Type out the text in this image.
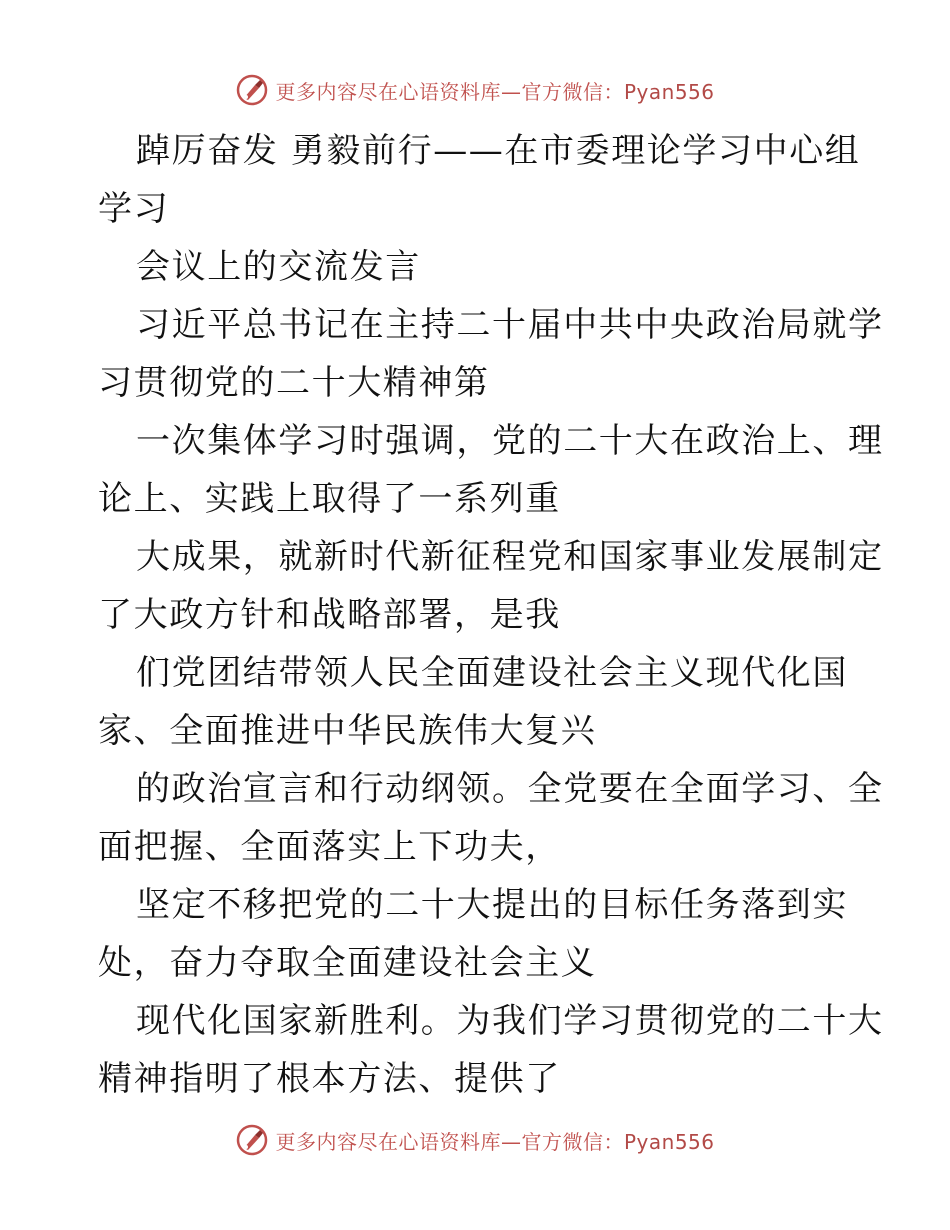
更多内容尽在心语资料库—官方微信：Pyan556
踔厉奋发 勇毅前行——在市委理论学习中心组
学习
会议上的交流发言
习近平总书记在主持二十届中共中央政治局就学
习贯彻党的二十大精神第
一次集体学习时强调，党的二十大在政治上、理
论上、实践上取得了一系列重
大成果，就新时代新征程党和国家事业发展制定
了大政方针和战略部署，是我
们党团结带领人民全面建设社会主义现代化国
家、全面推进中华民族伟大复兴
的政治宣言和行动纲领。全党要在全面学习、全
面把握、全面落实上下功夫，
坚定不移把党的二十大提出的目标任务落到实
处，奋力夺取全面建设社会主义
现代化国家新胜利。为我们学习贯彻党的二十大
精神指明了根本方法、提供了
更多内容尽在心语资料库—官方微信：Pyan556
